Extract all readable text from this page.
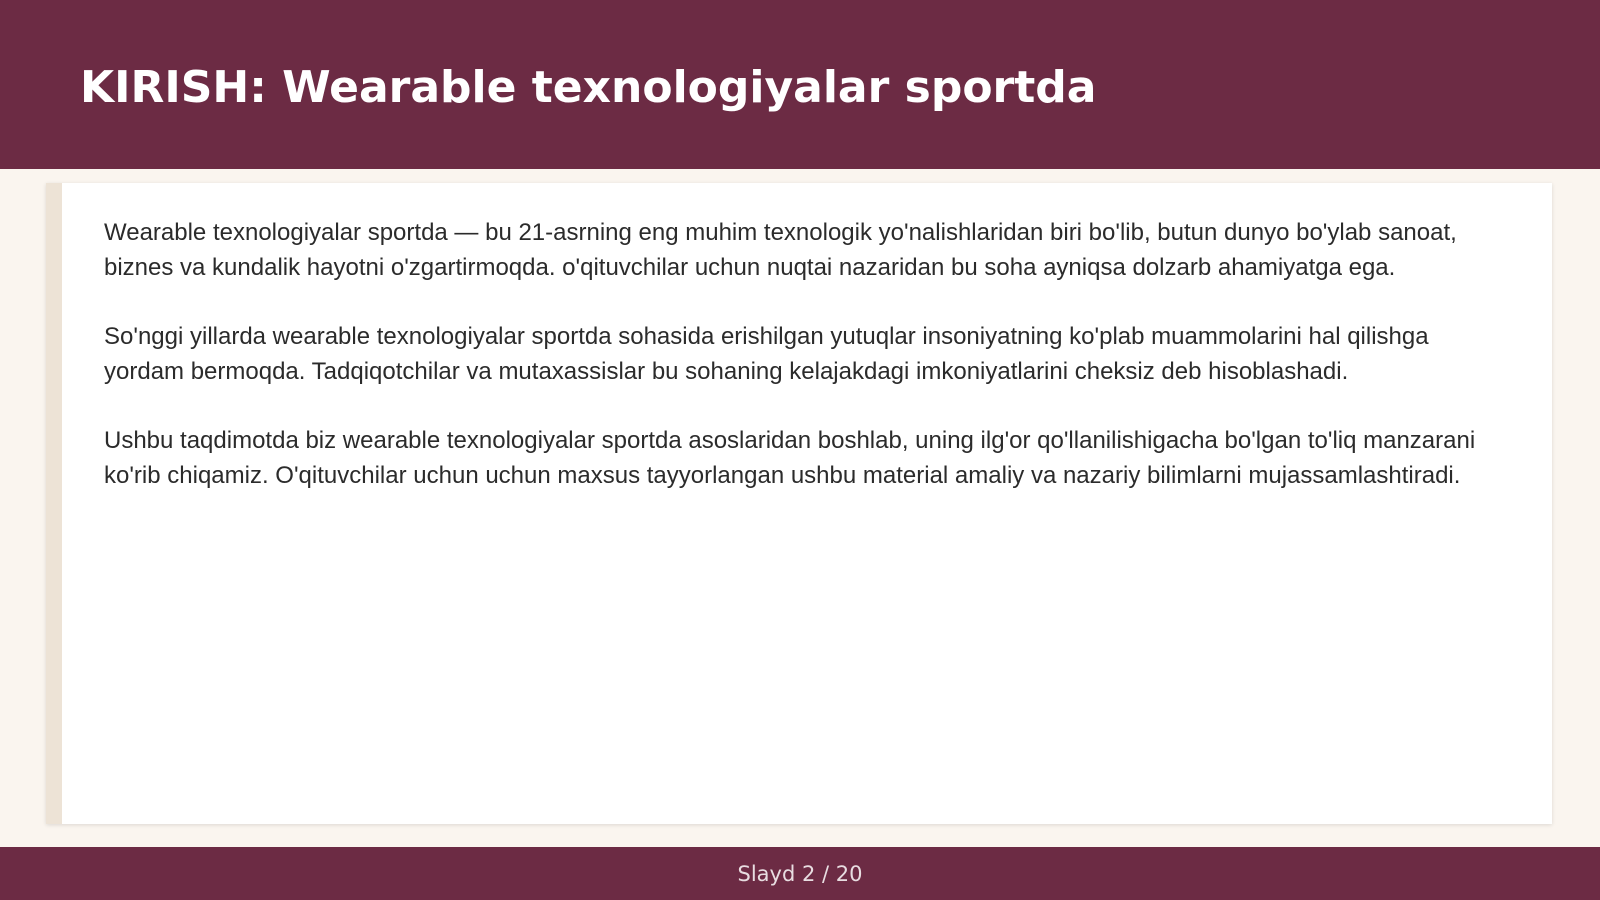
KIRISH: Wearable texnologiyalar sportda

Wearable texnologiyalar sportda — bu 21-asrning eng muhim texnologik yo'nalishlaridan biri bo'lib, butun dunyo bo'ylab sanoat, biznes va kundalik hayotni o'zgartirmoqda. o'qituvchilar uchun nuqtai nazaridan bu soha ayniqsa dolzarb ahamiyatga ega.

So'nggi yillarda wearable texnologiyalar sportda sohasida erishilgan yutuqlar insoniyatning ko'plab muammolarini hal qilishga yordam bermoqda. Tadqiqotchilar va mutaxassislar bu sohaning kelajakdagi imkoniyatlarini cheksiz deb hisoblashadi.

Ushbu taqdimotda biz wearable texnologiyalar sportda asoslaridan boshlab, uning ilg'or qo'llanilishigacha bo'lgan to'liq manzarani ko'rib chiqamiz. O'qituvchilar uchun uchun maxsus tayyorlangan ushbu material amaliy va nazariy bilimlarni mujassamlashtiradi.

Slayd 2 / 20
